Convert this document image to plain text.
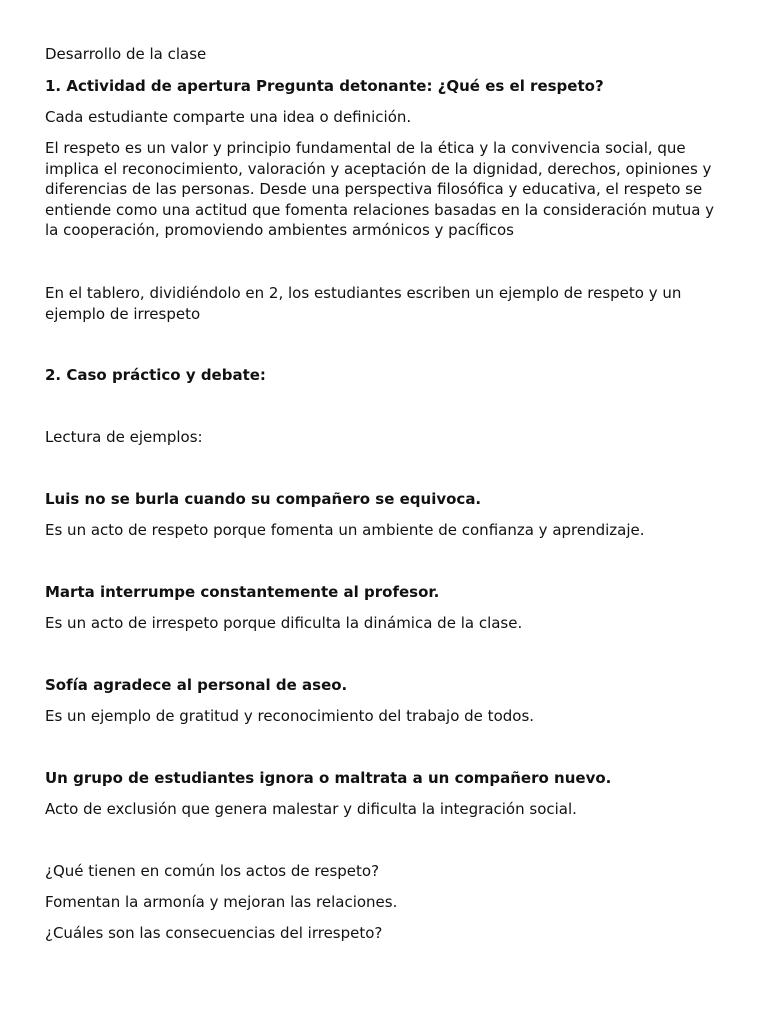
Desarrollo de la clase

1. Actividad de apertura Pregunta detonante: ¿Qué es el respeto?

Cada estudiante comparte una idea o definición.

El respeto es un valor y principio fundamental de la ética y la convivencia social, que implica el reconocimiento, valoración y aceptación de la dignidad, derechos, opiniones y diferencias de las personas. Desde una perspectiva filosófica y educativa, el respeto se entiende como una actitud que fomenta relaciones basadas en la consideración mutua y la cooperación, promoviendo ambientes armónicos y pacíficos

En el tablero, dividiéndolo en 2, los estudiantes escriben un ejemplo de respeto y un ejemplo de irrespeto

2. Caso práctico y debate:

Lectura de ejemplos:

Luis no se burla cuando su compañero se equivoca.

Es un acto de respeto porque fomenta un ambiente de confianza y aprendizaje.

Marta interrumpe constantemente al profesor.

Es un acto de irrespeto porque dificulta la dinámica de la clase.

Sofía agradece al personal de aseo.

Es un ejemplo de gratitud y reconocimiento del trabajo de todos.

Un grupo de estudiantes ignora o maltrata a un compañero nuevo.

Acto de exclusión que genera malestar y dificulta la integración social.

¿Qué tienen en común los actos de respeto?

Fomentan la armonía y mejoran las relaciones.

¿Cuáles son las consecuencias del irrespeto?
